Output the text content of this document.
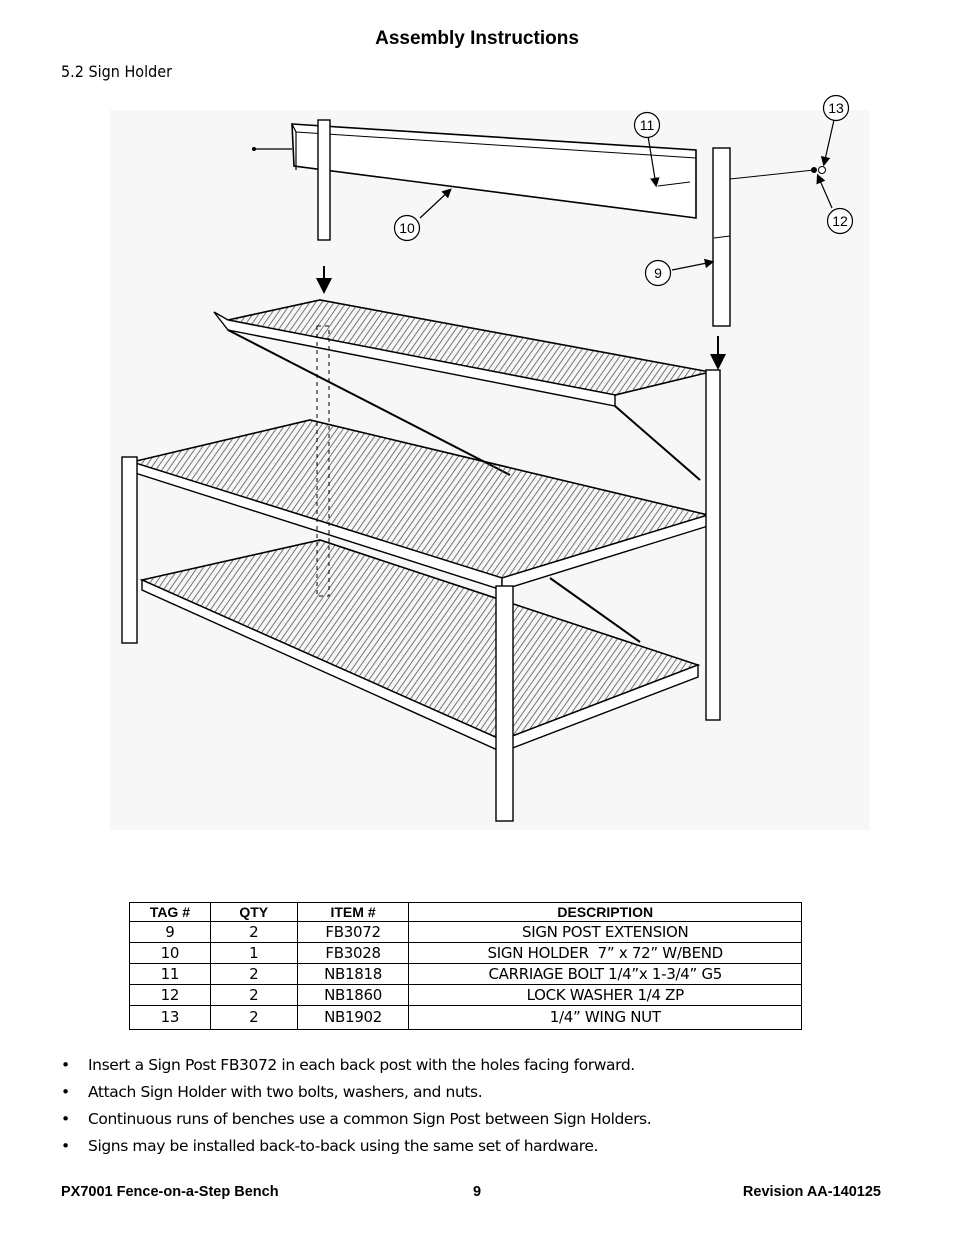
Assembly Instructions
5.2 Sign Holder
9
10
11
12
13
TAG #	QTY	ITEM #	DESCRIPTION
9	2	FB3072	SIGN POST EXTENSION
10	1	FB3028	SIGN HOLDER  7” x 72” W/BEND
11	2	NB1818	CARRIAGE BOLT 1/4”x 1-3/4” G5
12	2	NB1860	LOCK WASHER 1/4 ZP
13	2	NB1902	1/4” WING NUT
• Insert a Sign Post FB3072 in each back post with the holes facing forward.
• Attach Sign Holder with two bolts, washers, and nuts.
• Continuous runs of benches use a common Sign Post between Sign Holders.
• Signs may be installed back-to-back using the same set of hardware.
PX7001 Fence-on-a-Step Bench	9	Revision AA-140125
